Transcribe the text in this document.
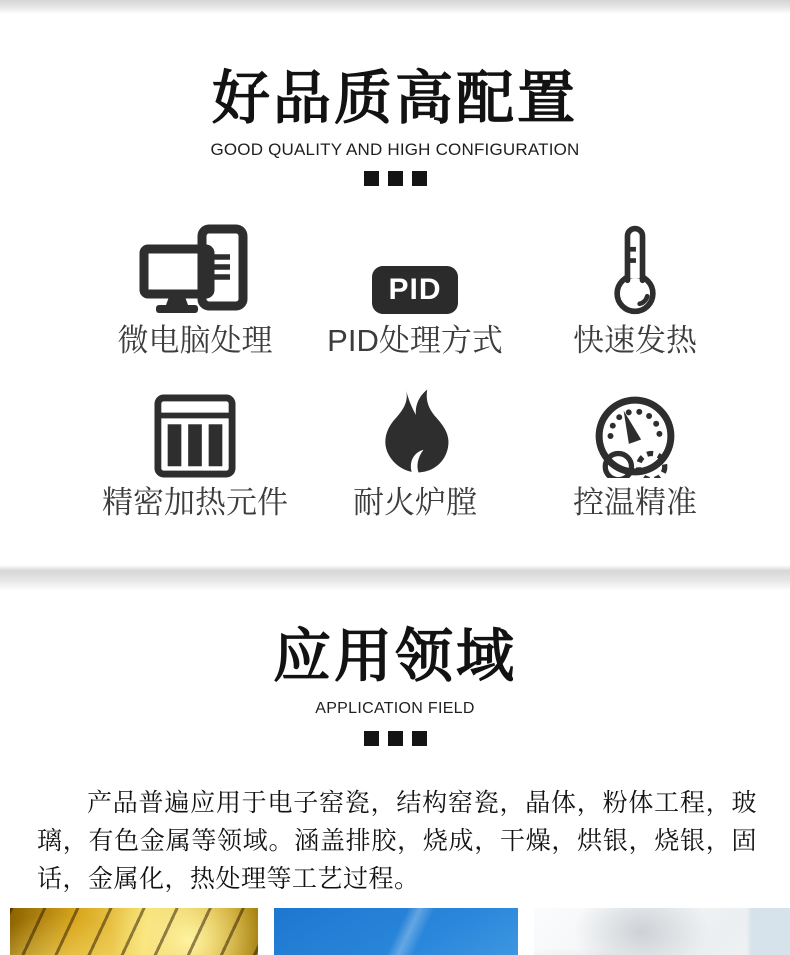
好品质高配置
GOOD QUALITY AND HIGH CONFIGURATION
微电脑处理
PID
PID处理方式 快速发热
精密加热元件 耐火炉膛	控温精准
应用领域
APPLICATION FIELD
产品普遍应用于电子窑瓷，结构窑瓷，晶体，粉体工程，玻璃，有色金属等领域。涵盖排胶，烧成，干燥，烘银，烧银，固话，金属化，热处理等工艺过程。
